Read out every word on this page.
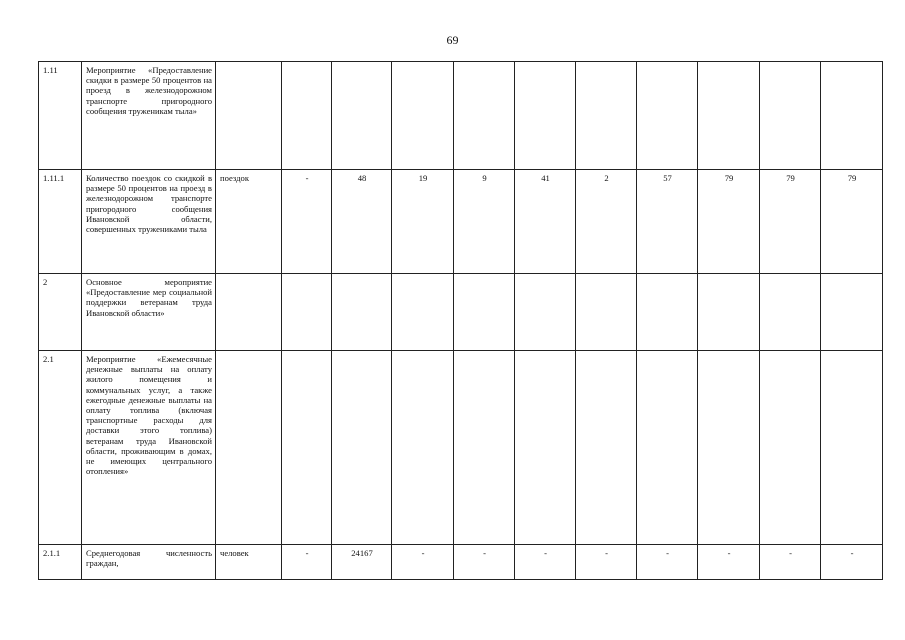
69
1.11	Мероприятие «Предоставление скидки в размере 50 процентов на проезд в железнодорожном транспорте пригородного сообщения труженикам тыла»											
1.11.1	Количество поездок со скидкой в размере 50 процентов на проезд в железнодорожном транспорте пригородного сообщения Ивановской области, совершенных тружениками тыла	поездок	-	48	19	9	41	2	57	79	79	79
2	Основное мероприятие «Предоставление мер социальной поддержки ветеранам труда Ивановской области»											
2.1	Мероприятие «Ежемесячные денежные выплаты на оплату жилого помещения и коммунальных услуг, а также ежегодные денежные выплаты на оплату топлива (включая транспортные расходы для доставки этого топлива) ветеранам труда Ивановской области, проживающим в домах, не имеющих центрального отопления»											
2.1.1	Среднегодовая численность граждан,	человек	-	24167	-	-	-	-	-	-	-	-
